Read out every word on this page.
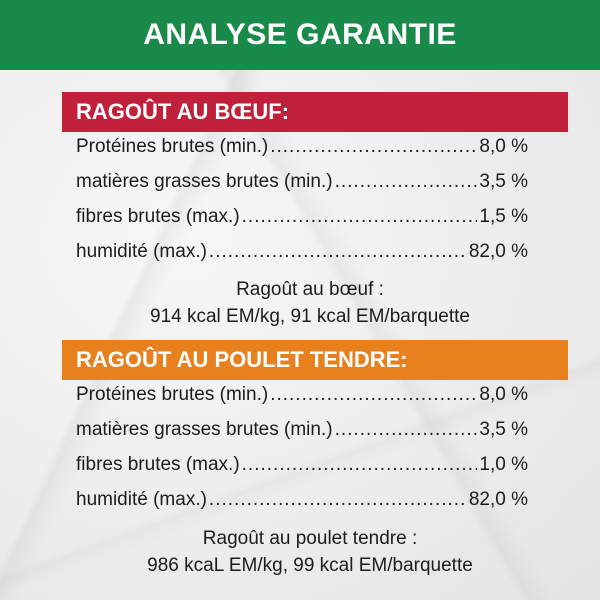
ANALYSE GARANTIE
RAGOÛT AU BŒUF:
Protéines brutes (min.) .....	8,0 %
matières grasses brutes (min.) .....	3,5 %
fibres brutes (max.) .....	1,5 %
humidité (max.) .....	82,0 %
Ragoût au bœuf :
914 kcal EM/kg, 91 kcal EM/barquette
RAGOÛT AU POULET TENDRE:
Protéines brutes (min.) .....	8,0 %
matières grasses brutes (min.) .....	3,5 %
fibres brutes (max.) .....	1,0 %
humidité (max.) .....	82,0 %
Ragoût au poulet tendre :
986 kcaL EM/kg, 99 kcal EM/barquette
